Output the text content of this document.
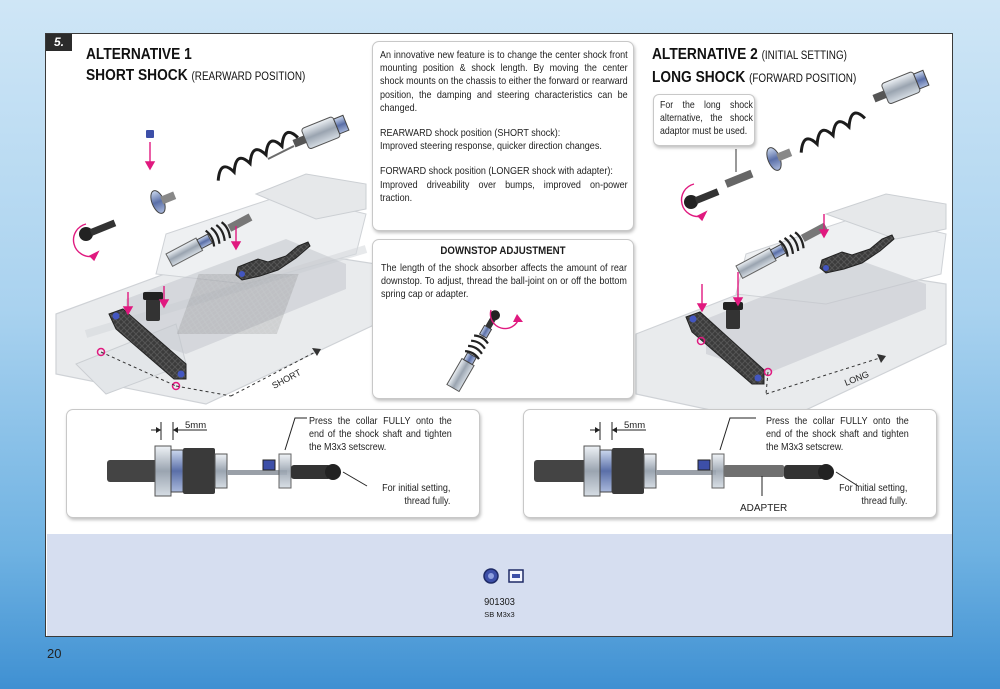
5.
ALTERNATIVE 1
SHORT SHOCK (REARWARD POSITION)
ALTERNATIVE 2 (INITIAL SETTING)
LONG SHOCK (FORWARD POSITION)
SHORT	LONG

An innovative new feature is to change the center shock front mounting position & shock length. By moving the center shock mounts on the chassis to either the forward or rearward position, the damping and steering characteristics can be changed.

REARWARD shock position (SHORT shock):

Improved steering response, quicker direction changes.

FORWARD shock position (LONGER shock with adapter):

Improved driveability over bumps, improved on-power traction.

DOWNSTOP ADJUSTMENT
The length of the shock absorber affects the amount of rear downstop. To adjust, thread the ball-joint on or off the bottom spring cap or adapter.
For the long shock alternative, the shock adaptor must be used.
5mm	Press the collar FULLY onto the end of the shock shaft and tighten the M3x3 setscrew.
For initial setting, thread fully.
5mm
ADAPTER
Press the collar FULLY onto the end of the shock shaft and tighten the M3x3 setscrew.
For initial setting, thread fully.
901303
SB M3x3
20
